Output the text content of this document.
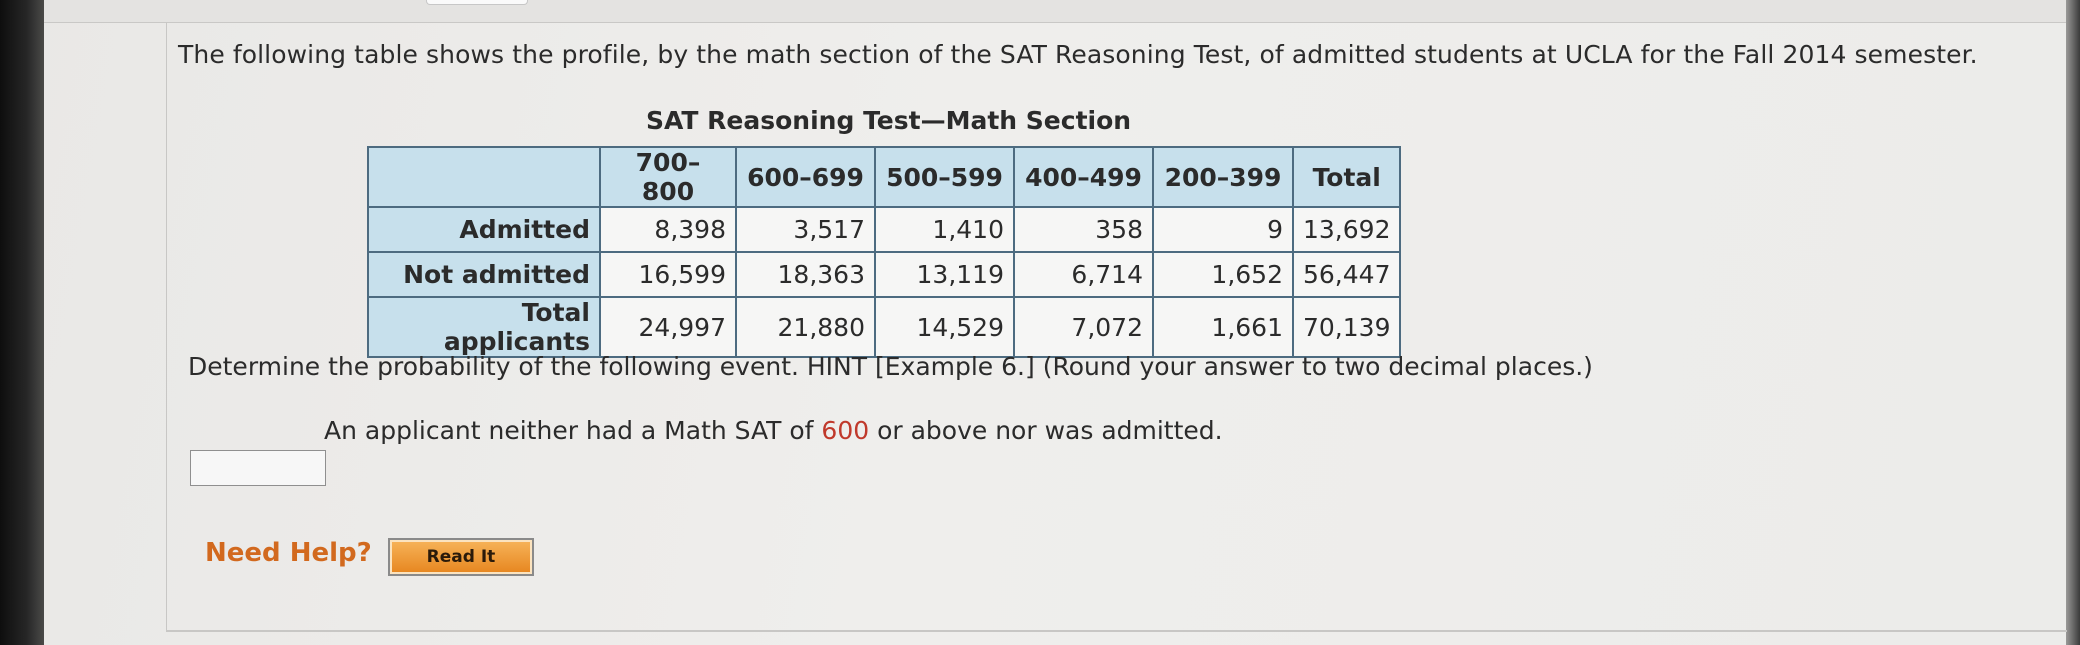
The following table shows the profile, by the math section of the SAT Reasoning Test, of admitted students at UCLA for the Fall 2014 semester.
SAT Reasoning Test—Math Section
	700–800	600–699	500–599	400–499	200–399	Total
Admitted	8,398	3,517	1,410	358	9	13,692
Not admitted	16,599	18,363	13,119	6,714	1,652	56,447
Total applicants	24,997	21,880	14,529	7,072	1,661	70,139
Determine the probability of the following event. HINT [Example 6.] (Round your answer to two decimal places.)
An applicant neither had a Math SAT of 600 or above nor was admitted.
Need Help?	Read It
